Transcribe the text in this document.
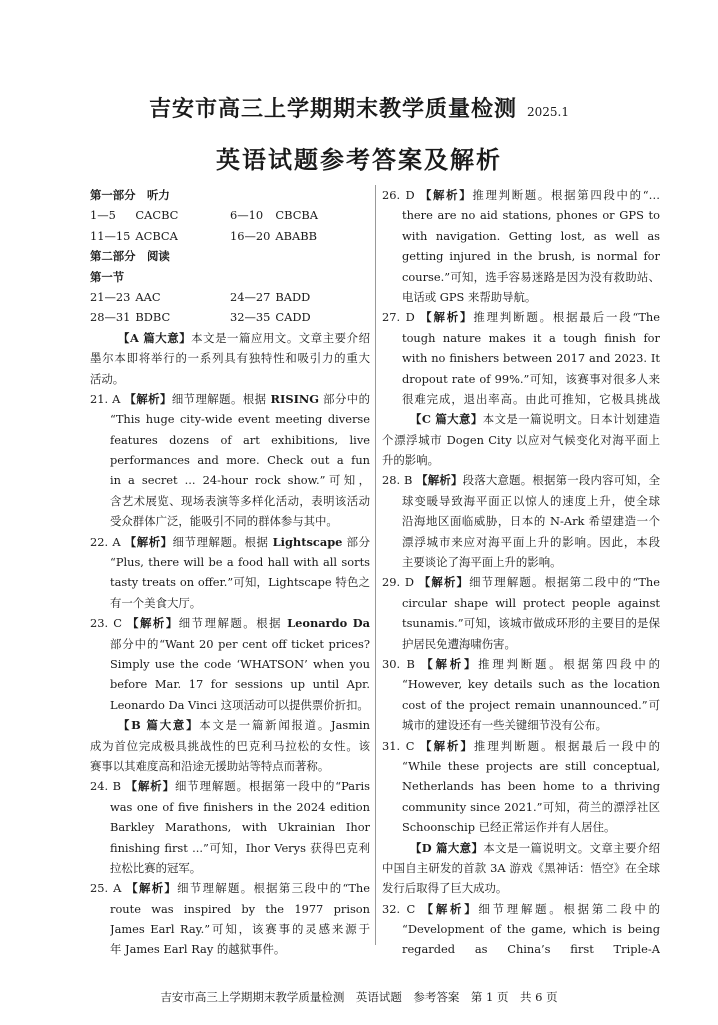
吉安市高三上学期期末教学质量检测 2025.1
英语试题参考答案及解析
第一部分　听力
1—5	CACBC	6—10	CBCBA
11—15 ACBCA	16—20 ABABB
第二部分　阅读
第一节
21—23 AAC	24—27 BADD
28—31 BDBC	32—35 CADD
【A 篇大意】本文是一篇应用文。文章主要介绍
墨尔本即将举行的一系列具有独特性和吸引力的重大
活动。
21. A 【解析】细节理解题。根据 RISING 部分中的
“This huge city-wide event meeting diverse
features dozens of art exhibitions, live
performances and more. Check out a fun
in a secret ... 24-hour rock show.”可知，
含艺术展览、现场表演等多样化活动，表明该活动
受众群体广泛，能吸引不同的群体参与其中。
22. A 【解析】细节理解题。根据 Lightscape 部分
“Plus, there will be a food hall with all sorts
tasty treats on offer.”可知，Lightscape 特色之
有一个美食大厅。
23. C 【解析】细节理解题。根据 Leonardo Da
部分中的“Want 20 per cent off ticket prices?
Simply use the code ‘WHATSON’ when you
before Mar. 17 for sessions up until Apr.
Leonardo Da Vinci 这项活动可以提供票价折扣。
【B 篇大意】本文是一篇新闻报道。Jasmin
成为首位完成极具挑战性的巴克利马拉松的女性。该
赛事以其难度高和沿途无援助站等特点而著称。
24. B 【解析】细节理解题。根据第一段中的“Paris
was one of five finishers in the 2024 edition
Barkley Marathons, with Ukrainian Ihor
finishing first ...”可知，Ihor Verys 获得巴克利
拉松比赛的冠军。
25. A 【解析】细节理解题。根据第三段中的“The
route was inspired by the 1977 prison
James Earl Ray.”可知，该赛事的灵感来源于
年 James Earl Ray 的越狱事件。
26. D 【解析】推理判断题。根据第四段中的“…
there are no aid stations, phones or GPS to
with navigation. Getting lost, as well as
getting injured in the brush, is normal for
course.”可知，选手容易迷路是因为没有救助站、
电话或 GPS 来帮助导航。
27. D 【解析】推理判断题。根据最后一段“The
tough nature makes it a tough finish for
with no finishers between 2017 and 2023. It
dropout rate of 99%.”可知，该赛事对很多人来
很难完成，退出率高。由此可推知，它极具挑战
【C 篇大意】本文是一篇说明文。日本计划建造
个漂浮城市 Dogen City 以应对气候变化对海平面上
升的影响。
28. B 【解析】段落大意题。根据第一段内容可知，全
球变暖导致海平面正以惊人的速度上升，使全球
沿海地区面临威胁，日本的 N-Ark 希望建造一个
漂浮城市来应对海平面上升的影响。因此，本段
主要谈论了海平面上升的影响。
29. D 【解析】细节理解题。根据第二段中的“The
circular shape will protect people against
tsunamis.”可知，该城市做成环形的主要目的是保
护居民免遭海啸伤害。
30. B 【解析】推理判断题。根据第四段中的
“However, key details such as the location
cost of the project remain unannounced.”可
城市的建设还有一些关键细节没有公布。
31. C 【解析】推理判断题。根据最后一段中的
“While these projects are still conceptual,
Netherlands has been home to a thriving
community since 2021.”可知，荷兰的漂浮社区
Schoonschip 已经正常运作并有人居住。
【D 篇大意】本文是一篇说明文。文章主要介绍
中国自主研发的首款 3A 游戏《黑神话：悟空》在全球
发行后取得了巨大成功。
32. C 【解析】细节理解题。根据第二段中的
“Development of the game, which is being
regarded as China’s first Triple-A
吉安市高三上学期期末教学质量检测　英语试题　参考答案　第 1 页　共 6 页
